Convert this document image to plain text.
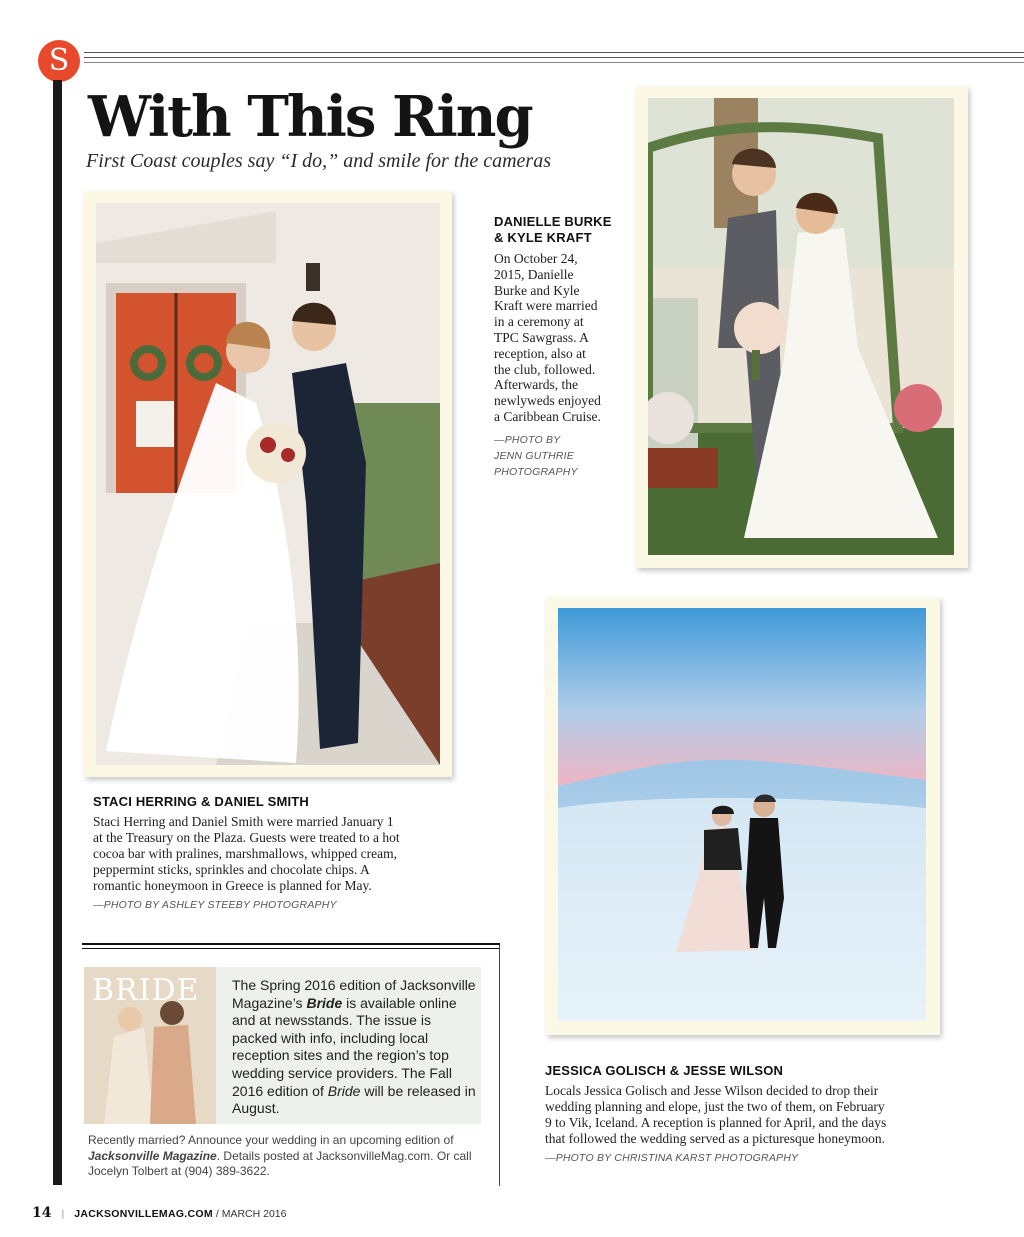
S
With This Ring
First Coast couples say “I do,” and smile for the cameras
DANIELLE BURKE
& KYLE KRAFT
On October 24,
2015, Danielle
Burke and Kyle
Kraft were married
in a ceremony at
TPC Sawgrass. A
reception, also at
the club, followed.
Afterwards, the
newlyweds enjoyed
a Caribbean Cruise.
—PHOTO BY
JENN GUTHRIE
PHOTOGRAPHY
STACI HERRING & DANIEL SMITH
Staci Herring and Daniel Smith were married January 1
at the Treasury on the Plaza. Guests were treated to a hot
cocoa bar with pralines, marshmallows, whipped cream,
peppermint sticks, sprinkles and chocolate chips. A
romantic honeymoon in Greece is planned for May.
—PHOTO BY ASHLEY STEEBY PHOTOGRAPHY
JESSICA GOLISCH & JESSE WILSON
Locals Jessica Golisch and Jesse Wilson decided to drop their
wedding planning and elope, just the two of them, on February
9 to Vik, Iceland. A reception is planned for April, and the days
that followed the wedding served as a picturesque honeymoon.
—PHOTO BY CHRISTINA KARST PHOTOGRAPHY
BRIDE The Spring 2016 edition of Jacksonville Magazine’s Bride is available online and at newsstands. The issue is packed with info, including local reception sites and the region’s top wedding service providers. The Fall 2016 edition of Bride will be released in August.
Recently married? Announce your wedding in an upcoming edition of Jacksonville Magazine. Details posted at JacksonvilleMag.com. Or call Jocelyn Tolbert at (904) 389-3622.
14 | JACKSONVILLEMAG.COM / MARCH 2016
